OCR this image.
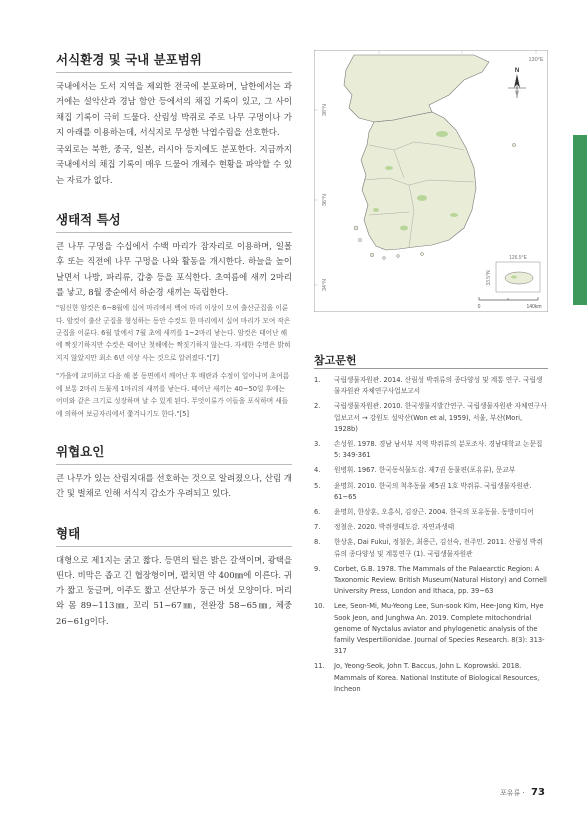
서식환경 및 국내 분포범위

국내에서는 도서 지역을 제외한 전국에 분포하며, 남한에서는 과거에는 설악산과 경남 함안 등에서의 채집 기록이 있고, 그 사이 채집 기록이 극히 드물다. 산림성 박쥐로 주로 나무 구멍이나 가지 아래를 이용하는데, 서식지로 무성한 낙엽수림을 선호한다.

국외로는 북한, 중국, 일본, 러시아 등지에도 분포한다. 지금까지 국내에서의 채집 기록이 매우 드물어 개체수 현황을 파악할 수 있는 자료가 없다.

생태적 특성

큰 나무 구멍을 수십에서 수백 마리가 잠자리로 이용하며, 일몰 후 또는 직전에 나무 구멍을 나와 활동을 개시한다. 하늘을 높이 날면서 나방, 파리류, 갑충 등을 포식한다. 초여름에 새끼 2마리를 낳고, 8월 중순에서 하순경 새끼는 독립한다.

"임신한 암컷은 6~8월에 십여 마리에서 백여 마리 이상이 모여 출산군집을 이룬다. 암컷이 출산 군집을 형성하는 동안 수컷도 한 마리에서 십여 마리가 모여 작은 군집을 이룬다. 6월 말에서 7월 초에 새끼를 1~2마리 낳는다. 암컷은 태어난 해에 짝짓기하지만 수컷은 태어난 첫해에는 짝짓기하지 않는다. 자세한 수명은 밝혀지지 않았지만 최소 6년 이상 사는 것으로 알려졌다."[7]

"가을에 교미하고 다음 해 봄 동면에서 깨어난 후 배란과 수정이 일어나며 초여름에 보통 2마리 드물게 1마리의 새끼를 낳는다. 태어난 새끼는 40~50일 후에는 어미와 같은 크기로 성장하며 날 수 있게 된다. 무엇이류가 이들을 포식하며 새들에 의하여 보금자리에서 쫓겨나기도 한다."[5]

위협요인

큰 나무가 있는 산림지대를 선호하는 것으로 알려졌으나, 산림 개간 및 벌채로 인해 서식지 감소가 우려되고 있다.

형태

대형으로 제1지는 굵고 짧다. 등면의 털은 밝은 갈색이며, 광택을 띤다. 비막은 좁고 긴 협장형이며, 펼치면 약 400㎜에 이른다. 귀가 짧고 둥글며, 이주도 짧고 선단부가 둥근 버섯 모양이다. 머리와 몸 89~113㎜, 꼬리 51~67㎜, 전완장 58~65㎜, 체중 26~61g이다.

130°E
38°N
36°N
34°N
N
126.5°E
33.5°N
0	140km
참고문헌
1.	국립생물자원관. 2014. 산림성 박쥐류의 종다양성 및 계통 연구. 국립생물자원관 자체연구사업보고서
2.	국립생물자원관. 2010. 한국생물지발간연구. 국립생물자원관 자체연구사업보고서 → 강원도 설악산(Won et al, 1959), 서울, 부산(Mori, 1928b)
3.	손성원. 1978. 경남 남서부 지역 박쥐류의 분포조사. 경남대학교 논문집 5: 349-361
4.	원병휘. 1967. 한국동식물도감. 제7권 동물편(포유류), 문교부
5.	윤명희. 2010. 한국의 척추동물 제5권 1호 박쥐류. 국립생물자원관. 61~65
6.	윤명희, 한상훈, 오홍식, 김장근. 2004. 한국의 포유동물. 동방미디어
7.	정철운. 2020. 박쥐생태도감. 자연과생태
8.	한상훈, Dai Fukui, 정철운, 최용근, 김선숙, 전주민. 2011. 산림성 박쥐류의 종다양성 및 계통연구 (1). 국립생물자원관
9.	Corbet, G.B. 1978. The Mammals of the Palaearctic Region: A Taxonomic Review. British Museum(Natural History) and Cornell University Press, London and Ithaca, pp. 39~63
10.	Lee, Seon-Mi, Mu-Yeong Lee, Sun-sook Kim, Hee-Jong Kim, Hye Sook Jeon, and Junghwa An. 2019. Complete mitochondrial genome of Nyctalus aviator and phylogenetic analysis of the family Vespertilionidae. Journal of Species Research. 8(3): 313-317
11.	Jo, Yeong-Seok, John T. Baccus, John L. Koprowski. 2018. Mammals of Korea. National Institute of Biological Resources, Incheon
포유류 · 73
